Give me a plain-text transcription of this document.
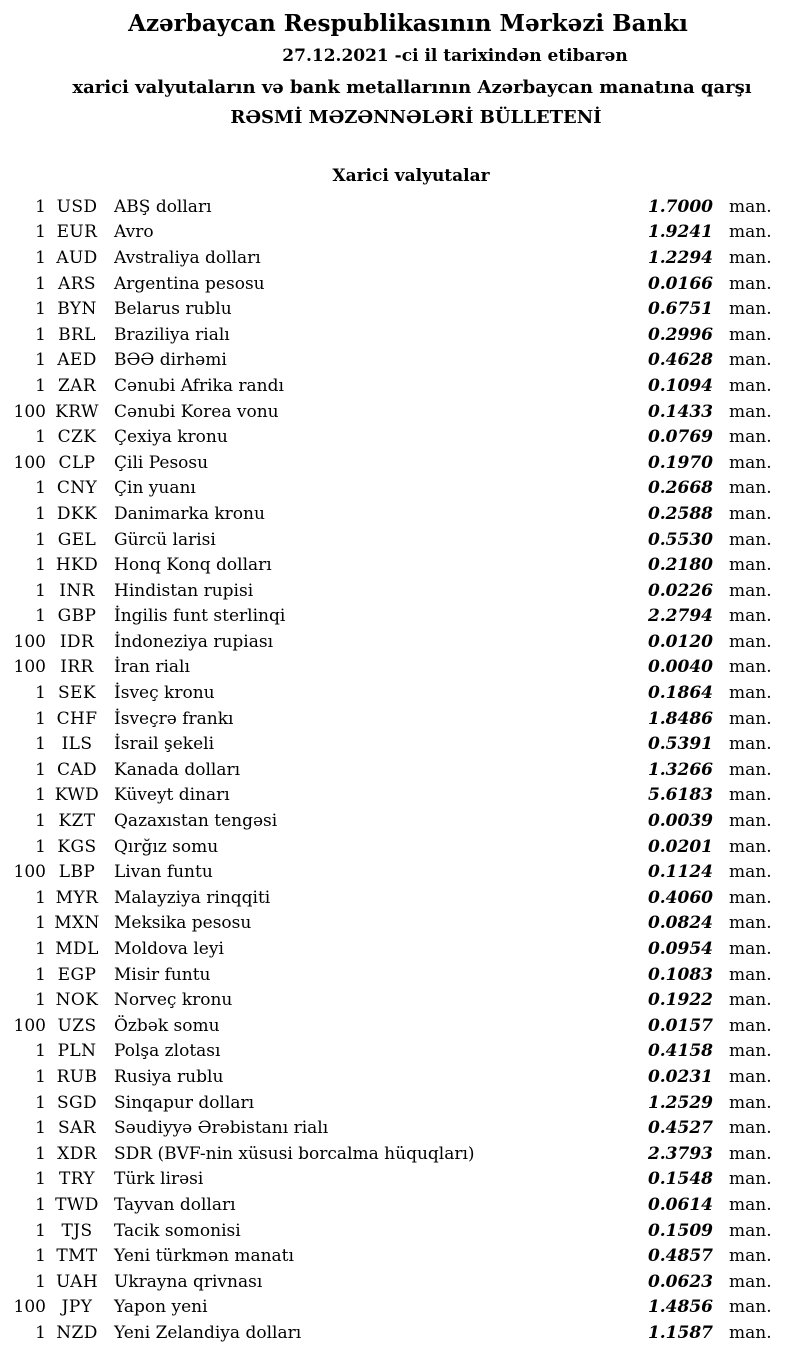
Azərbaycan Respublikasının Mərkəzi Bankı
27.12.2021 -ci il tarixindən etibarən
xarici valyutaların və bank metallarının Azərbaycan manatına qarşı
RƏSMİ MƏZƏNNƏLƏRİ BÜLLETENİ
Xarici valyutalar
1 USD ABŞ dolları	1.7000 man.
1 EUR Avro	1.9241 man.
1 AUD Avstraliya dolları	1.2294 man.
1 ARS	Argentina pesosu	0.0166 man.
1 BYN	Belarus rublu	0.6751 man.
1 BRL	Braziliya rialı	0.2996 man.
1 AED	BƏƏ dirhəmi	0.4628 man.
1 ZAR	Cənubi Afrika randı	0.1094 man.
100 KRW Cənubi Korea vonu	0.1433 man.
1 CZK	Çexiya kronu	0.0769 man.
100 CLP	Çili Pesosu	0.1970 man.
1 CNY Çin yuanı	0.2668 man.
1 DKK Danimarka kronu	0.2588 man.
1 GEL	Gürcü larisi	0.5530 man.
1 HKD Honq Konq dolları	0.2180 man.
1 INR	Hindistan rupisi	0.0226 man.
1 GBP	İngilis funt sterlinqi	2.2794 man.
100 IDR	İndoneziya rupiası	0.0120 man.
100 IRR	İran rialı	0.0040 man.
1 SEK	İsveç kronu	0.1864 man.
1 CHF İsveçrə frankı	1.8486 man.
1 ILS	İsrail şekeli	0.5391 man.
1 CAD Kanada dolları	1.3266 man.
1 KWD Küveyt dinarı	5.6183 man.
1 KZT	Qazaxıstan tengəsi	0.0039 man.
1 KGS	Qırğız somu	0.0201 man.
100 LBP	Livan funtu	0.1124 man.
1 MYR Malayziya rinqqiti	0.4060 man.
1 MXN Meksika pesosu	0.0824 man.
1 MDL Moldova leyi	0.0954 man.
1 EGP	Misir funtu	0.1083 man.
1 NOK Norveç kronu	0.1922 man.
100 UZS	Özbək somu	0.0157 man.
1 PLN	Polşa zlotası	0.4158 man.
1 RUB Rusiya rublu	0.0231 man.
1 SGD Sinqapur dolları	1.2529 man.
1 SAR	Səudiyyə Ərəbistanı rialı	0.4527 man.
1 XDR	SDR (BVF-nin xüsusi borcalma hüquqları)	2.3793 man.
1 TRY	Türk lirəsi	0.1548 man.
1 TWD Tayvan dolları	0.0614 man.
1 TJS	Tacik somonisi	0.1509 man.
1 TMT Yeni türkmən manatı	0.4857 man.
1 UAH Ukrayna qrivnası	0.0623 man.
100 JPY	Yapon yeni	1.4856 man.
1 NZD Yeni Zelandiya dolları	1.1587 man.
